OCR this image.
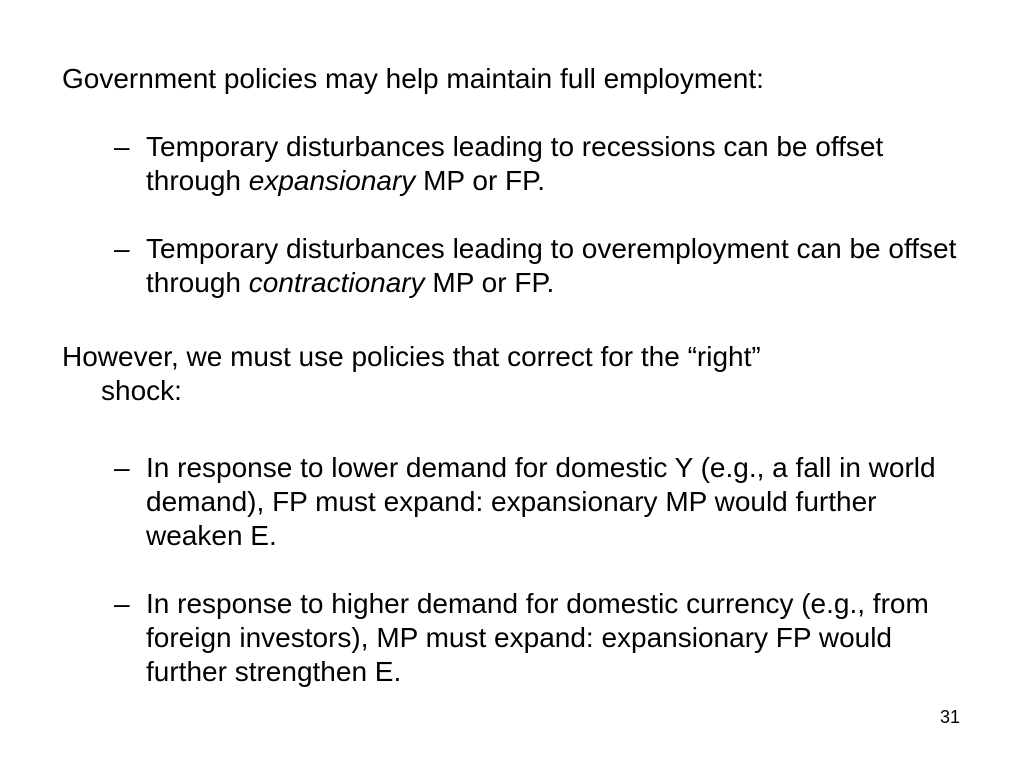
Government policies may help maintain full employment:
– Temporary disturbances leading to recessions can be offset through expansionary MP or FP.
– Temporary disturbances leading to overemployment can be offset through contractionary MP or FP.
However, we must use policies that correct for the “right”
shock:
– In response to lower demand for domestic Y (e.g., a fall in world demand), FP must expand: expansionary MP would further weaken E.
– In response to higher demand for domestic currency (e.g., from foreign investors), MP must expand: expansionary FP would further strengthen E.
31
